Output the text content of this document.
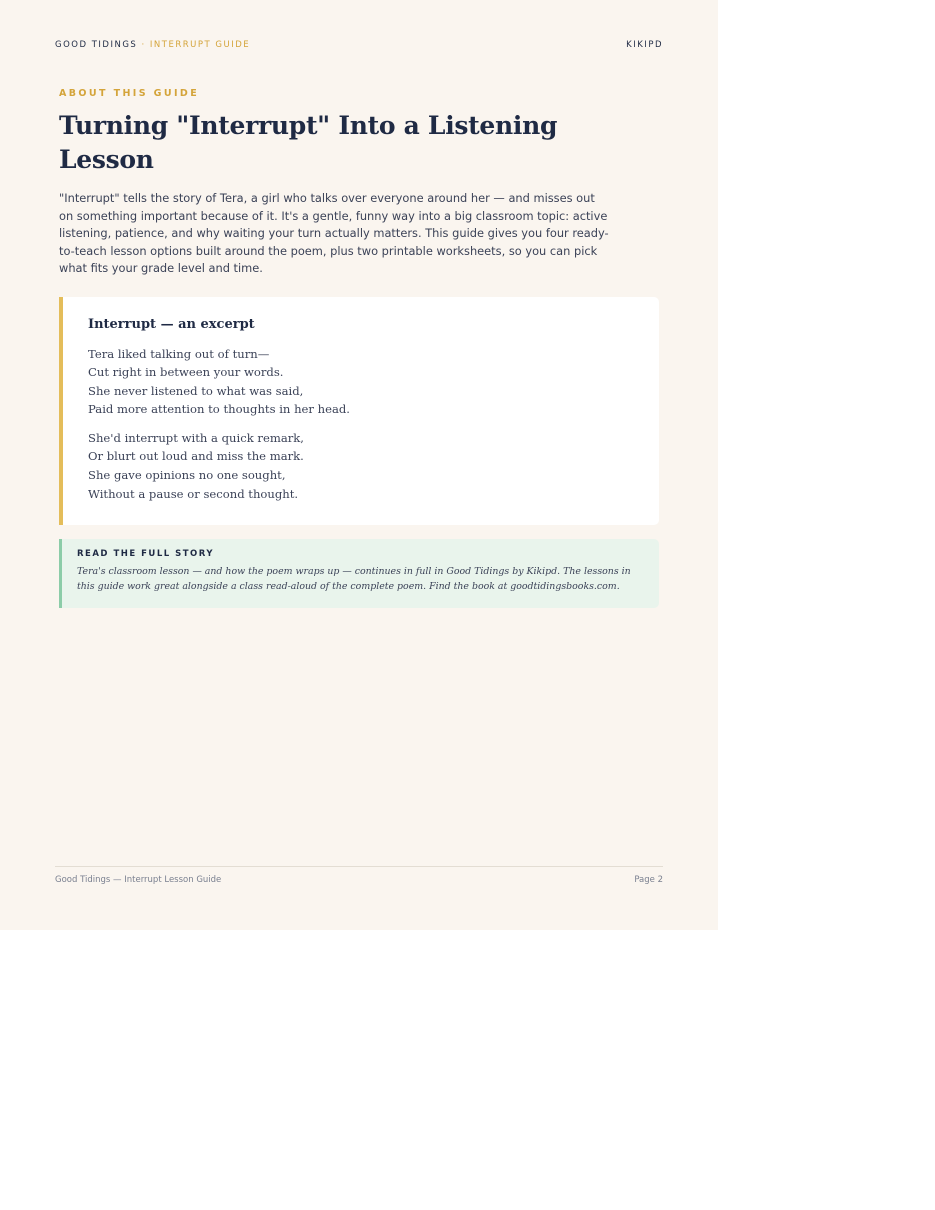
GOOD TIDINGS · INTERRUPT GUIDE	KIKIPD
ABOUT THIS GUIDE
Turning "Interrupt" Into a Listening Lesson
"Interrupt" tells the story of Tera, a girl who talks over everyone around her — and misses out on something important because of it. It's a gentle, funny way into a big classroom topic: active listening, patience, and why waiting your turn actually matters. This guide gives you four ready-to-teach lesson options built around the poem, plus two printable worksheets, so you can pick what fits your grade level and time.
Interrupt — an excerpt
Tera liked talking out of turn—
Cut right in between your words.
She never listened to what was said,
Paid more attention to thoughts in her head.
She'd interrupt with a quick remark,
Or blurt out loud and miss the mark.
She gave opinions no one sought,
Without a pause or second thought.
READ THE FULL STORY
Tera's classroom lesson — and how the poem wraps up — continues in full in Good Tidings by Kikipd. The lessons in this guide work great alongside a class read-aloud of the complete poem. Find the book at goodtidingsbooks.com.
Good Tidings — Interrupt Lesson Guide	Page 2
